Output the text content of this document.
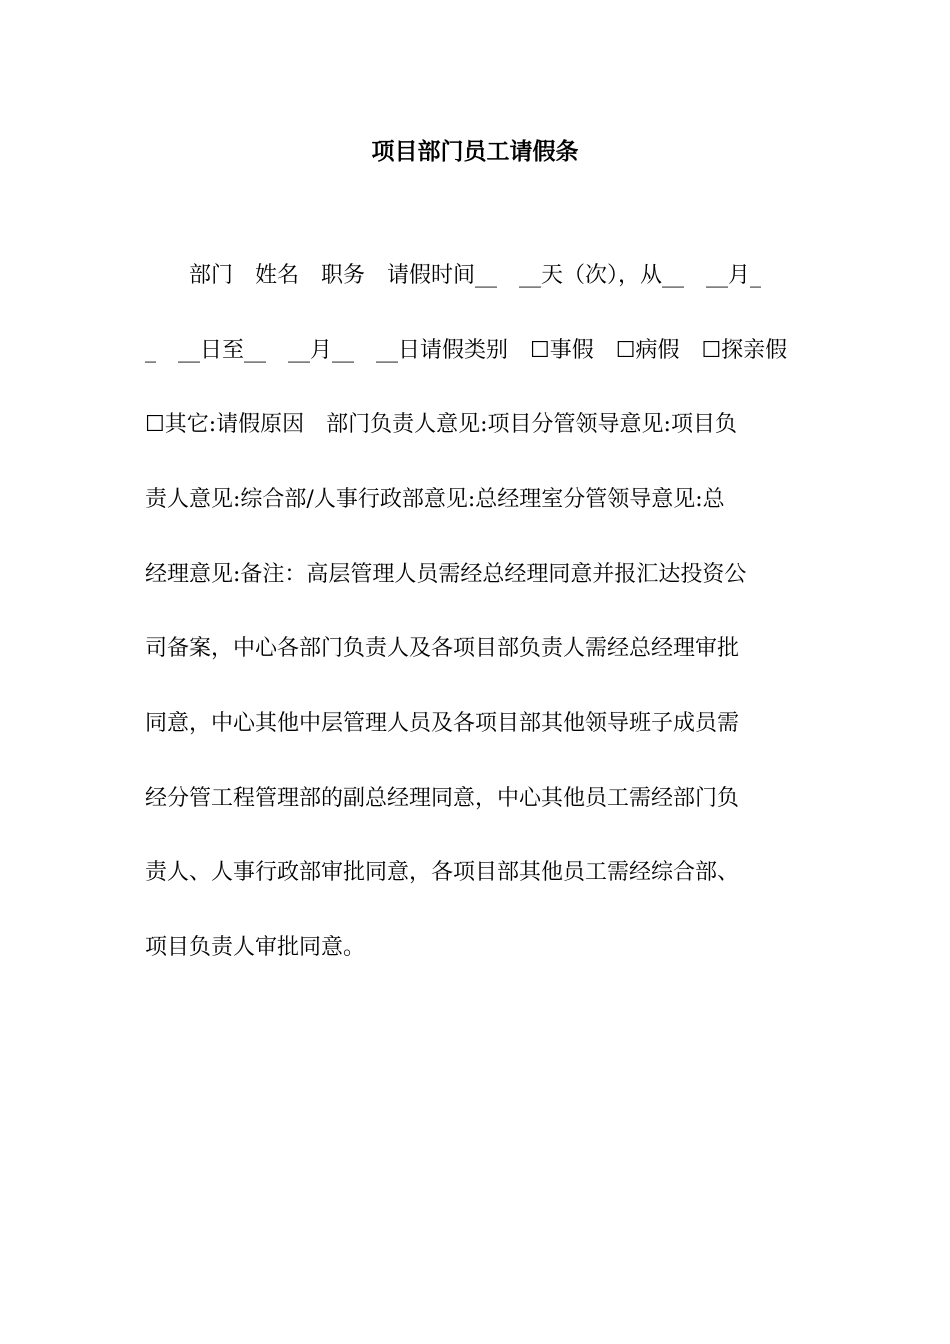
项目部门员工请假条

　　部门　姓名　职务　请假时间__　__天（次），从__　__月_

_　__日至__　__月__　__日请假类别　☐事假　☐病假　☐探亲假

☐其它:请假原因　部门负责人意见:项目分管领导意见:项目负

责人意见:综合部/人事行政部意见:总经理室分管领导意见:总

经理意见:备注：高层管理人员需经总经理同意并报汇达投资公

司备案，中心各部门负责人及各项目部负责人需经总经理审批

同意，中心其他中层管理人员及各项目部其他领导班子成员需

经分管工程管理部的副总经理同意，中心其他员工需经部门负

责人、人事行政部审批同意，各项目部其他员工需经综合部、

项目负责人审批同意。
